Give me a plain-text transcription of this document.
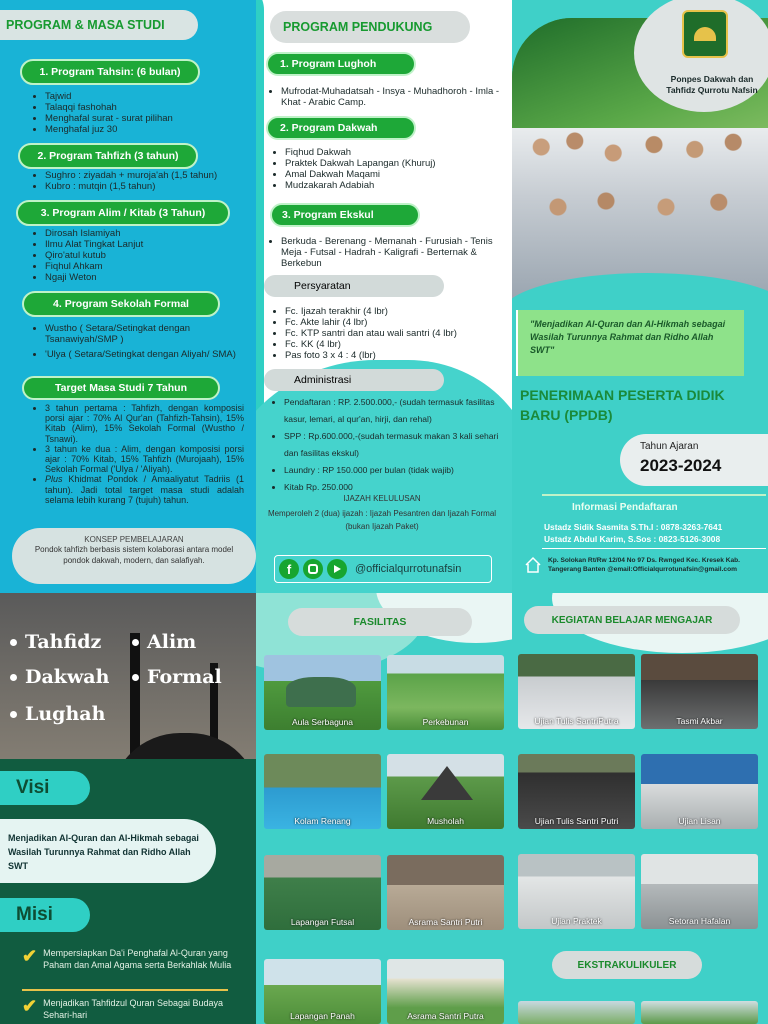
PROGRAM & MASA STUDI
1. Program Tahsin: (6 bulan)
• Tajwid
• Talaqqi fashohah
• Menghafal surat - surat pilihan
• Menghafal juz 30
2. Program Tahfizh (3 tahun)
• Sughro : ziyadah + muroja'ah (1,5 tahun)
• Kubro : mutqin (1,5 tahun)
3. Program Alim / Kitab (3 Tahun)
• Dirosah Islamiyah
• Ilmu Alat Tingkat Lanjut
• Qiro'atul kutub
• Fiqhul Ahkam
• Ngaji Weton
4. Program Sekolah Formal
• Wustho ( Setara/Setingkat dengan Tsanawiyah/SMP )
• 'Ulya ( Setara/Setingkat dengan Aliyah/ SMA)
Target Masa Studi 7 Tahun
• 3 tahun pertama : Tahfizh, dengan komposisi porsi ajar : 70% Al Qur'an (Tahfizh-Tahsin), 15% Kitab (Alim), 15% Sekolah Formal (Wustho / Tsnawi).
• 3 tahun ke dua : Alim, dengan komposisi porsi ajar : 70% Kitab, 15% Tahfizh (Murojaah), 15% Sekolah Formal ('Ulya / 'Aliyah).
• Plus Khidmat Pondok / Amaaliyatut Tadriis (1 tahun). Jadi total target masa studi adalah selama lebih kurang 7 (tujuh) tahun.
KONSEP PEMBELAJARAN
Pondok tahfizh berbasis sistem kolaborasi antara model pondok dakwah, modern, dan salafiyah.
PROGRAM PENDUKUNG
1. Program Lughoh
• Mufrodat-Muhadatsah - Insya - Muhadhoroh - Imla - Khat - Arabic Camp.
2. Program Dakwah
• Fiqhud Dakwah
• Praktek Dakwah Lapangan (Khuruj)
• Amal Dakwah Maqami
• Mudzakarah Adabiah
3. Program Ekskul
• Berkuda - Berenang - Memanah - Furusiah - Tenis Meja - Futsal - Hadrah - Kaligrafi - Berternak & Berkebun
Persyaratan
• Fc. Ijazah terakhir (4 lbr)
• Fc. Akte lahir (4 lbr)
• Fc. KTP santri dan atau wali santri (4 lbr)
• Fc. KK (4 lbr)
• Pas foto 3 x 4 : 4 (lbr)
Administrasi
• Pendaftaran : RP. 2.500.000,- (sudah termasuk fasilitas kasur, lemari, al qur'an, hirji, dan rehal)
• SPP : Rp.600.000,-(sudah termasuk makan 3 kali sehari dan fasilitas ekskul)
• Laundry : RP 150.000 per bulan (tidak wajib)
• Kitab Rp. 250.000
IJAZAH KELULUSAN
Memperoleh 2 (dua) ijazah : Ijazah Pesantren dan Ijazah Formal (bukan Ijazah Paket)
f	@officialqurrotunafsin
Ponpes Dakwah dan Tahfidz Qurrotu Nafsin
"Menjadikan Al-Quran dan Al-Hikmah sebagai Wasilah Turunnya Rahmat dan Ridho Allah SWT"
PENERIMAAN PESERTA DIDIK BARU (PPDB)
Tahun Ajaran
2023-2024
Informasi Pendaftaran
Ustadz Sidik Sasmita S.Th.I : 0878-3263-7641
Ustadz Abdul Karim, S.Sos : 0823-5126-3008
Kp. Solokan Rt/Rw 12/04 No 97 Ds. Rwnged Kec. Kresek Kab. Tangerang Banten @email:Officialqurrotunafsin@gmail.com
Tahfidz Alim
Dakwah Formal
Lughah
Visi
Menjadikan Al-Quran dan Al-Hikmah sebagai Wasilah Turunnya Rahmat dan Ridho Allah SWT
Misi
✔ Mempersiapkan Da'i Penghafal Al-Quran yang Paham dan Amal Agama serta Berkahlak Mulia
✔ Menjadikan Tahfidzul Quran Sebagai Budaya Sehari-hari
FASILITAS
Aula Serbaguna	Perkebunan
Kolam Renang	Musholah
Lapangan Futsal	Asrama Santri Putri
Lapangan Panah	Asrama Santri Putra
KEGIATAN BELAJAR MENGAJAR
Ujian Tulis SantriPutra	Tasmi Akbar
Ujian Tulis Santri Putri	Ujian Lisan
Ujian Praktek	Setoran Hafalan
EKSTRAKULIKULER
